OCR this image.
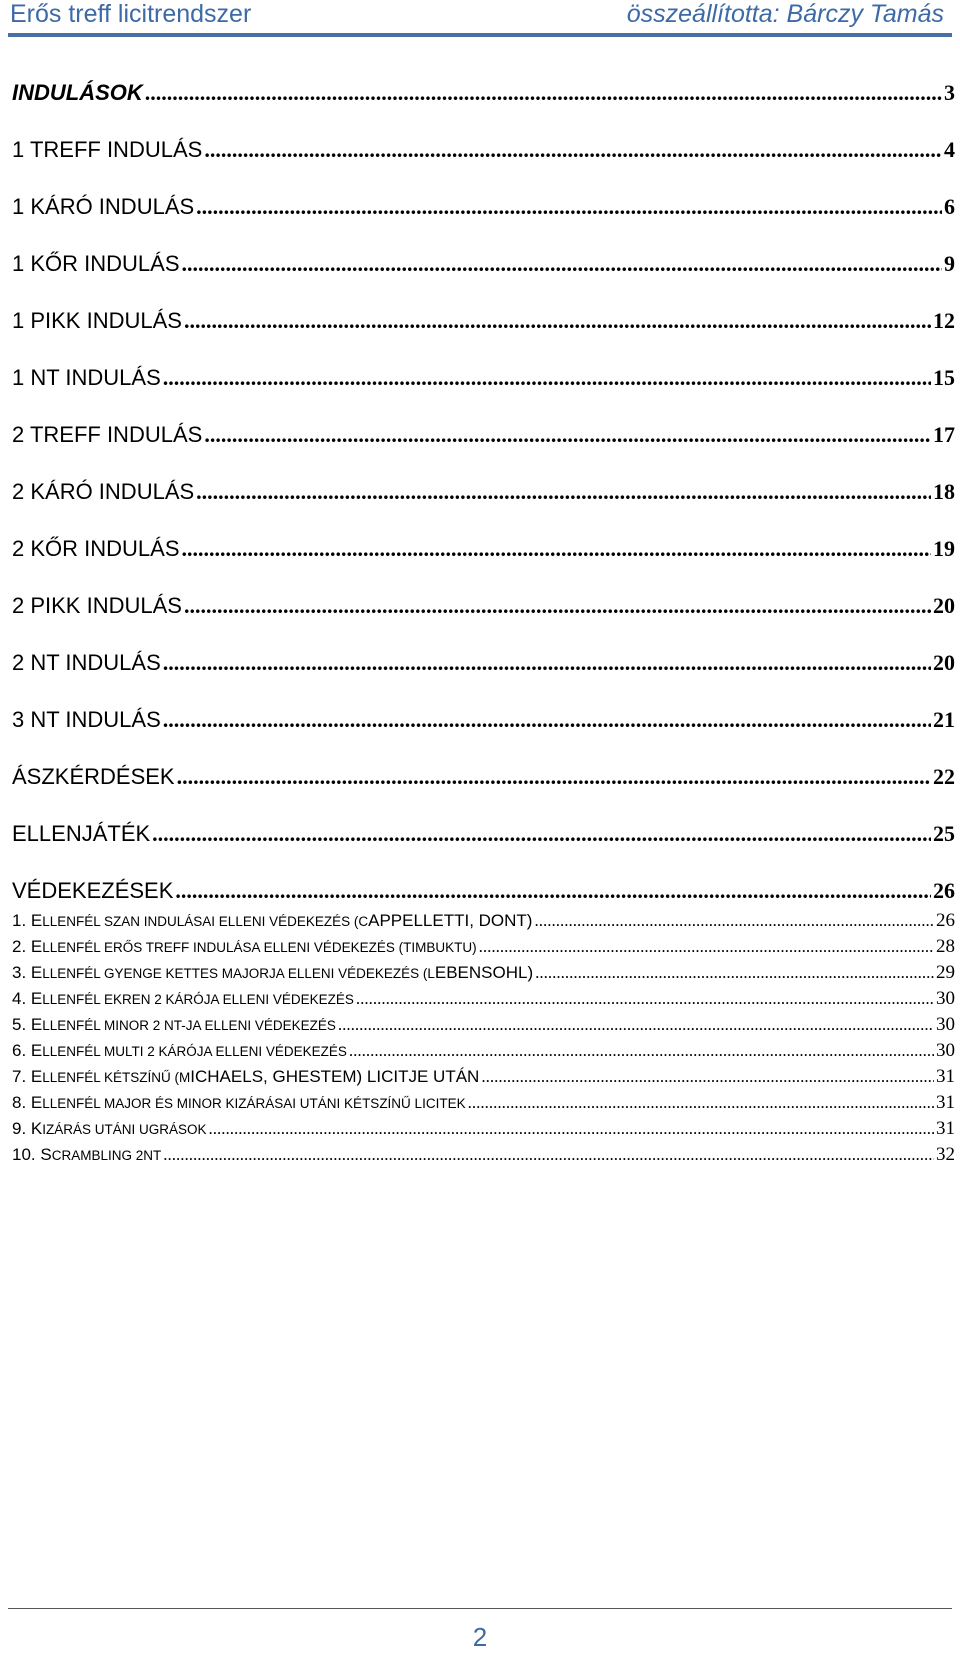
Erős treff licitrendszer	összeállította: Bárczy Tamás
INDULÁSOK .....	3
1 TREFF INDULÁS .....	4
1 KÁRÓ INDULÁS .....	6
1 KŐR INDULÁS .....	9
1 PIKK INDULÁS .....	12
1 NT INDULÁS .....	15
2 TREFF INDULÁS .....	17
2 KÁRÓ INDULÁS .....	18
2 KŐR INDULÁS .....	19
2 PIKK INDULÁS .....	20
2 NT INDULÁS .....	20
3 NT INDULÁS .....	21
ÁSZKÉRDÉSEK .....	22
ELLENJÁTÉK .....	25
VÉDEKEZÉSEK .....	26
1. ELLENFÉL SZAN INDULÁSAI ELLENI VÉDEKEZÉS (CAPPELLETTI, DONT) .....	26
2. ELLENFÉL ERŐS TREFF INDULÁSA ELLENI VÉDEKEZÉS (TIMBUKTU) .....	28
3. ELLENFÉL GYENGE KETTES MAJORJA ELLENI VÉDEKEZÉS (LEBENSOHL) .....	29
4. ELLENFÉL EKREN 2 KÁRÓJA ELLENI VÉDEKEZÉS .....	30
5. ELLENFÉL MINOR 2 NT-JA ELLENI VÉDEKEZÉS .....	30
6. ELLENFÉL MULTI 2 KÁRÓJA ELLENI VÉDEKEZÉS .....	30
7. ELLENFÉL KÉTSZÍNŰ (MICHAELS, GHESTEM) LICITJE UTÁN .....	31
8. ELLENFÉL MAJOR ÉS MINOR KIZÁRÁSAI UTÁNI KÉTSZÍNŰ LICITEK .....	31
9. KIZÁRÁS UTÁNI UGRÁSOK .....	31
10. SCRAMBLING 2NT .....	32
2
